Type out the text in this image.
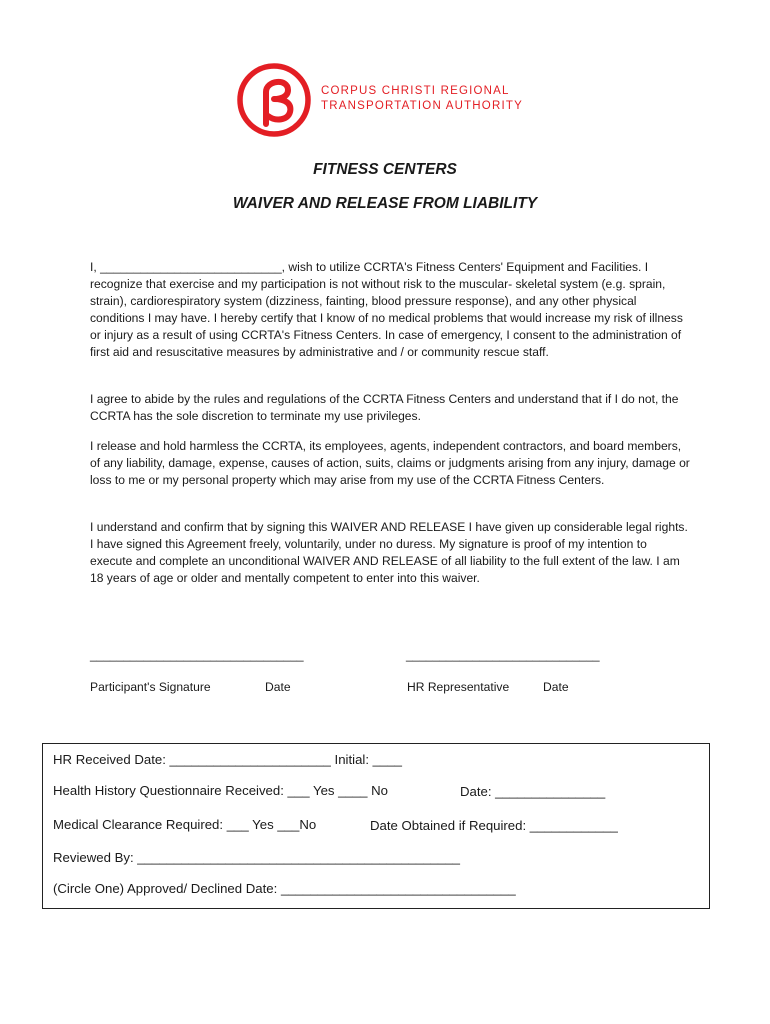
CORPUS CHRISTI REGIONAL
TRANSPORTATION AUTHORITY
FITNESS CENTERS
WAIVER AND RELEASE FROM LIABILITY
I, ___________________________, wish to utilize CCRTA's Fitness Centers' Equipment and Facilities. I recognize that exercise and my participation is not without risk to the muscular- skeletal system (e.g. sprain, strain), cardiorespiratory system (dizziness, fainting, blood pressure response), and any other physical conditions I may have. I hereby certify that I know of no medical problems that would increase my risk of illness or injury as a result of using CCRTA's Fitness Centers. In case of emergency, I consent to the administration of first aid and resuscitative measures by administrative and / or community rescue staff.
I agree to abide by the rules and regulations of the CCRTA Fitness Centers and understand that if I do not, the CCRTA has the sole discretion to terminate my use privileges.
I release and hold harmless the CCRTA, its employees, agents, independent contractors, and board members, of any liability, damage, expense, causes of action, suits, claims or judgments arising from any injury, damage or loss to me or my personal property which may arise from my use of the CCRTA Fitness Centers.
I understand and confirm that by signing this WAIVER AND RELEASE I have given up considerable legal rights. I have signed this Agreement freely, voluntarily, under no duress. My signature is proof of my intention to execute and complete an unconditional WAIVER AND RELEASE of all liability to the full extent of the law. I am 18 years of age or older and mentally competent to enter into this waiver.
________________________________	_____________________________
Participant's Signature	Date	HR Representative	Date
HR Received Date: ______________________ Initial: ____
Health History Questionnaire Received: ___ Yes ____ No	Date: _______________
Medical Clearance Required: ___ Yes ___No	Date Obtained if Required: ____________
Reviewed By: ____________________________________________
(Circle One) Approved/ Declined Date: ________________________________
